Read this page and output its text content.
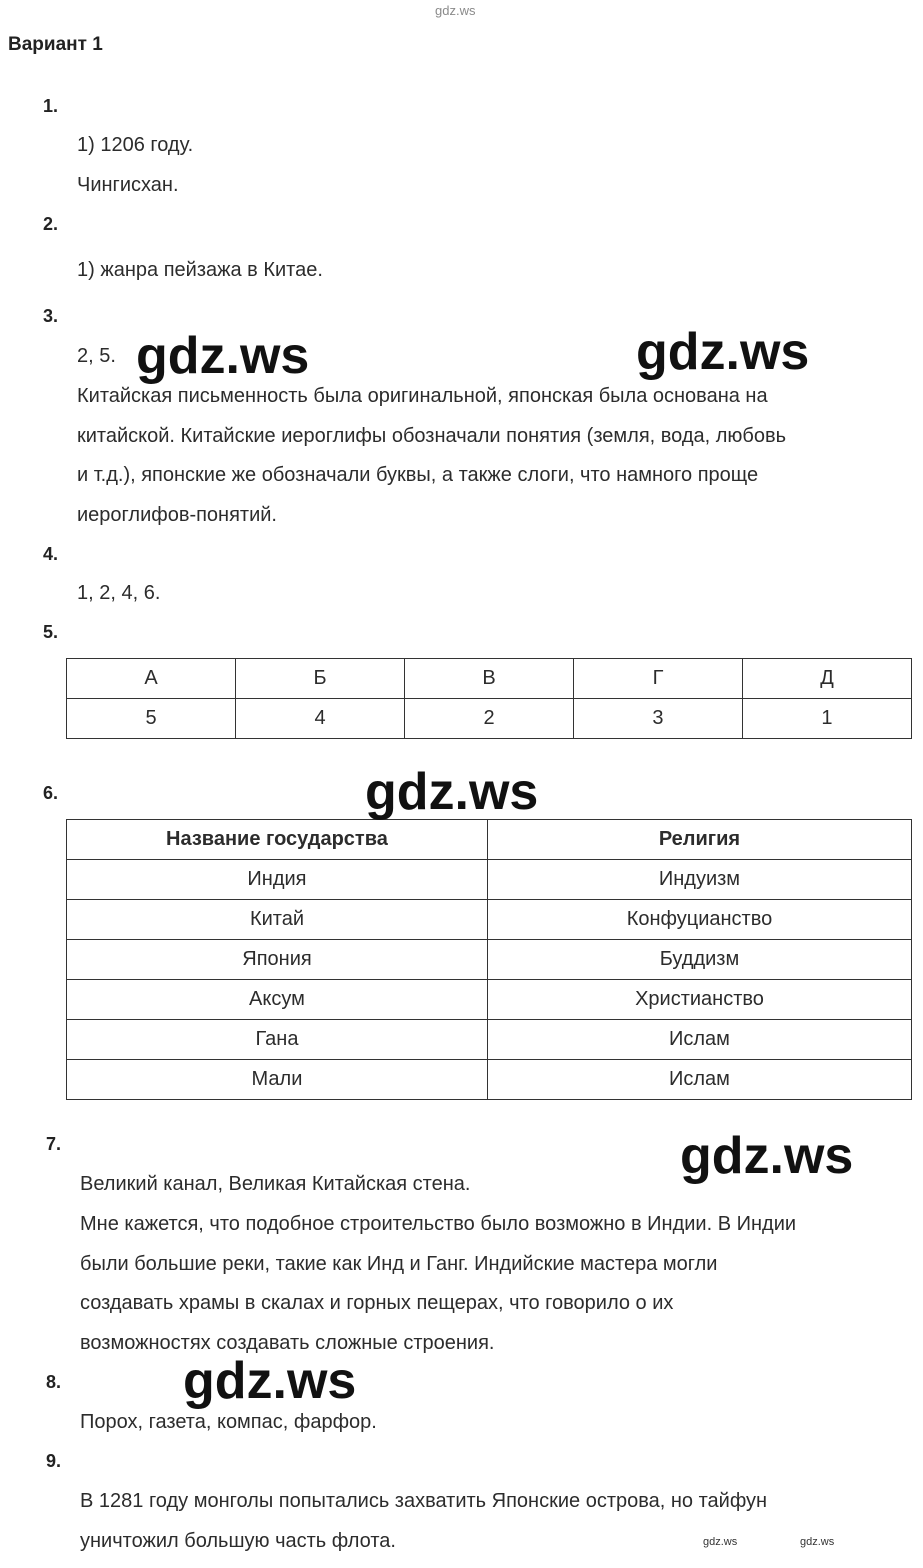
gdz.ws
Вариант 1
1.
1) 1206 году.
Чингисхан.
2.
1) жанра пейзажа в Китае.
3.
2, 5.
Китайская письменность была оригинальной, японская была основана на
китайской. Китайские иероглифы обозначали понятия (земля, вода, любовь
и т.д.), японские же обозначали буквы, а также слоги, что намного проще
иероглифов-понятий.
4.
1, 2, 4, 6.
5.
А	Б	В	Г	Д
5	4	2	3	1
6.
Название государства	Религия
Индия	Индуизм
Китай	Конфуцианство
Япония	Буддизм
Аксум	Христианство
Гана	Ислам
Мали	Ислам
7.
Великий канал, Великая Китайская стена.
Мне кажется, что подобное строительство было возможно в Индии. В Индии
были большие реки, такие как Инд и Ганг. Индийские мастера могли
создавать храмы в скалах и горных пещерах, что говорило о их
возможностях создавать сложные строения.
8.
Порох, газета, компас, фарфор.
9.
В 1281 году монголы попытались захватить Японские острова, но тайфун
уничтожил большую часть флота.
gdz.ws	gdz.ws
gdz.ws
gdz.ws
gdz.ws
gdz.ws	gdz.ws
